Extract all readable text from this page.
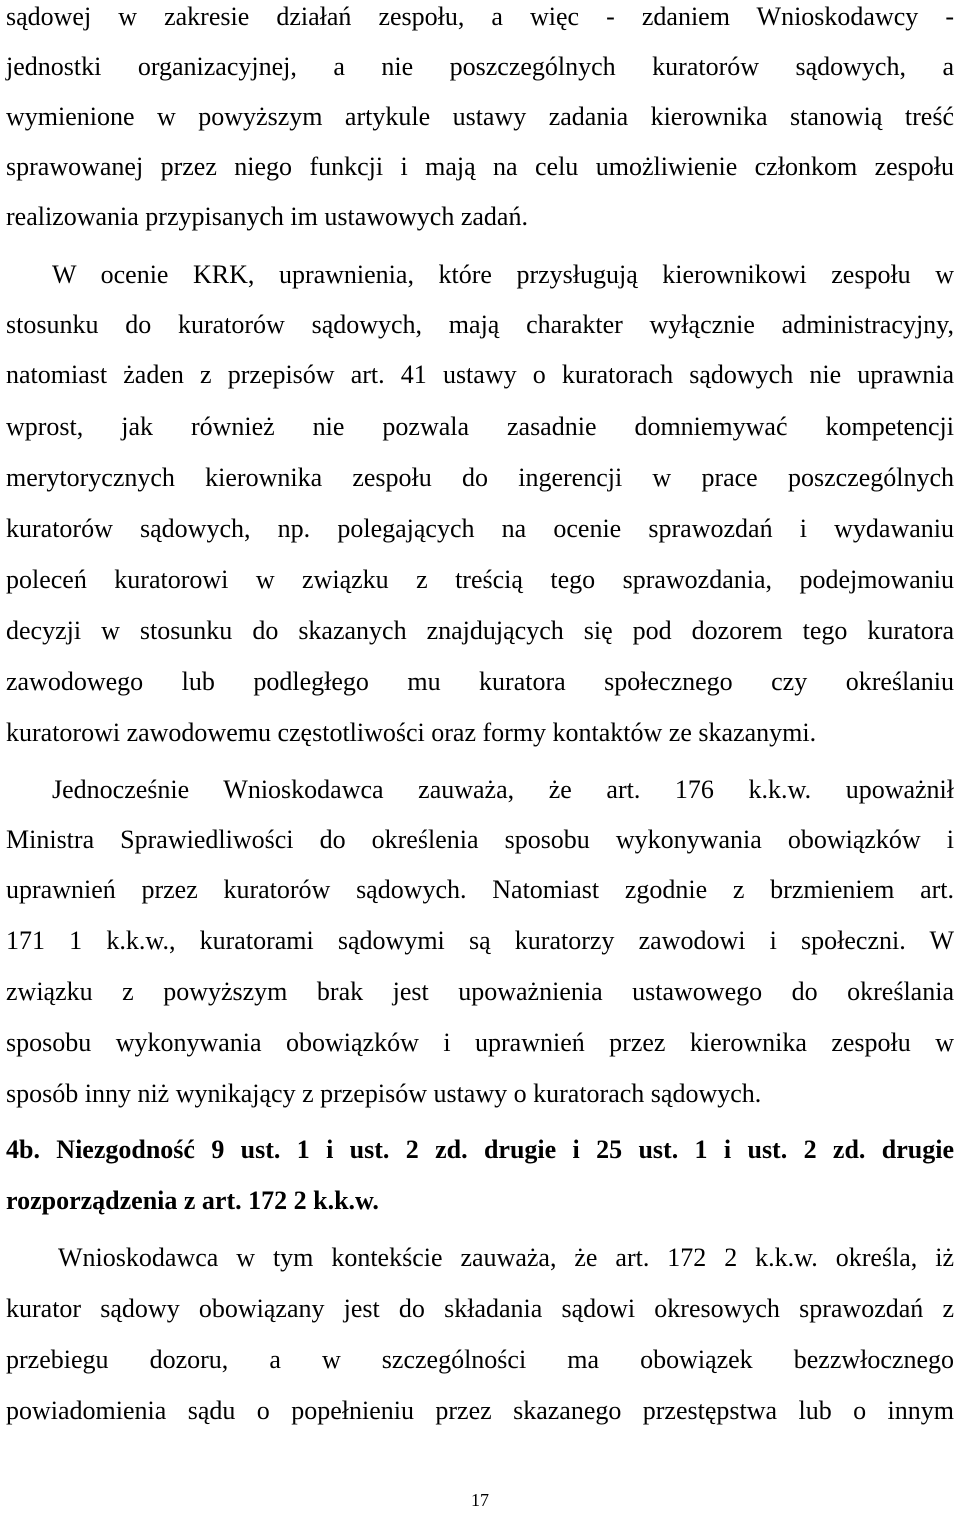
sądowej w zakresie działań zespołu, a więc - zdaniem Wnioskodawcy -

jednostki organizacyjnej, a nie poszczególnych kuratorów sądowych, a

wymienione w powyższym artykule ustawy zadania kierownika stanowią treść

sprawowanej przez niego funkcji i mają na celu umożliwienie członkom zespołu

realizowania przypisanych im ustawowych zadań.

W ocenie KRK, uprawnienia, które przysługują kierownikowi zespołu w

stosunku do kuratorów sądowych, mają charakter wyłącznie administracyjny,

natomiast żaden z przepisów art. 41 ustawy o kuratorach sądowych nie uprawnia

wprost, jak również nie pozwala zasadnie domniemywać kompetencji

merytorycznych kierownika zespołu do ingerencji w prace poszczególnych

kuratorów sądowych, np. polegających na ocenie sprawozdań i wydawaniu

poleceń kuratorowi w związku z treścią tego sprawozdania, podejmowaniu

decyzji w stosunku do skazanych znajdujących się pod dozorem tego kuratora

zawodowego lub podległego mu kuratora społecznego czy określaniu

kuratorowi zawodowemu częstotliwości oraz formy kontaktów ze skazanymi.

Jednocześnie Wnioskodawca zauważa, że art. 176 k.k.w. upoważnił

Ministra Sprawiedliwości do określenia sposobu wykonywania obowiązków i

uprawnień przez kuratorów sądowych. Natomiast zgodnie z brzmieniem art.

171 1 k.k.w., kuratorami sądowymi są kuratorzy zawodowi i społeczni. W

związku z powyższym brak jest upoważnienia ustawowego do określania

sposobu wykonywania obowiązków i uprawnień przez kierownika zespołu w

sposób inny niż wynikający z przepisów ustawy o kuratorach sądowych.

4b. Niezgodność 9 ust. 1 i ust. 2 zd. drugie i 25 ust. 1 i ust. 2 zd. drugie

rozporządzenia z art. 172 2 k.k.w.

Wnioskodawca w tym kontekście zauważa, że art. 172 2 k.k.w. określa, iż

kurator sądowy obowiązany jest do składania sądowi okresowych sprawozdań z

przebiegu dozoru, a w szczególności ma obowiązek bezzwłocznego

powiadomienia sądu o popełnieniu przez skazanego przestępstwa lub o innym

17
